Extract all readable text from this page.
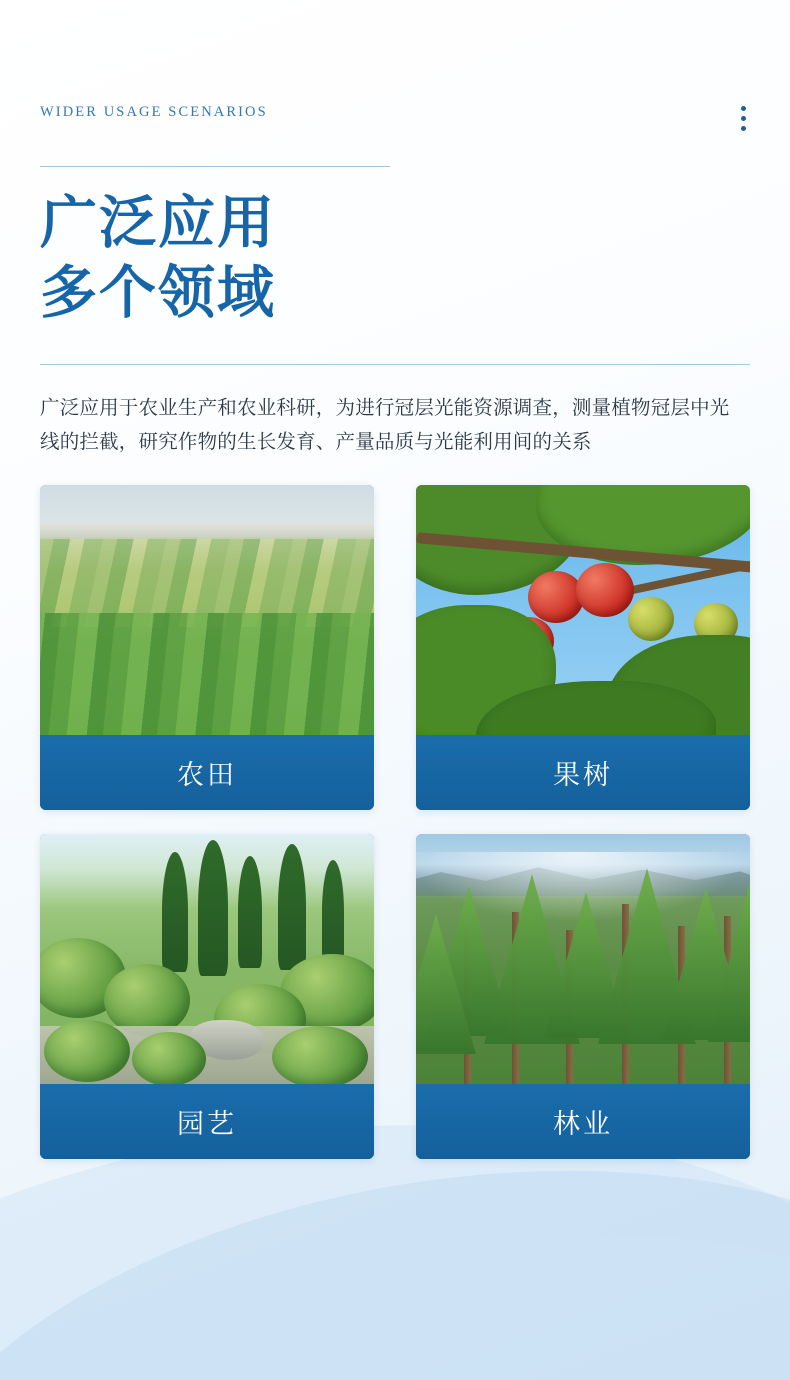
WIDER USAGE SCENARIOS
广泛应用
多个领域
广泛应用于农业生产和农业科研，为进行冠层光能资源调查，测量植物冠层中光线的拦截，研究作物的生长发育、产量品质与光能利用间的关系
农田	果树
园艺	林业
